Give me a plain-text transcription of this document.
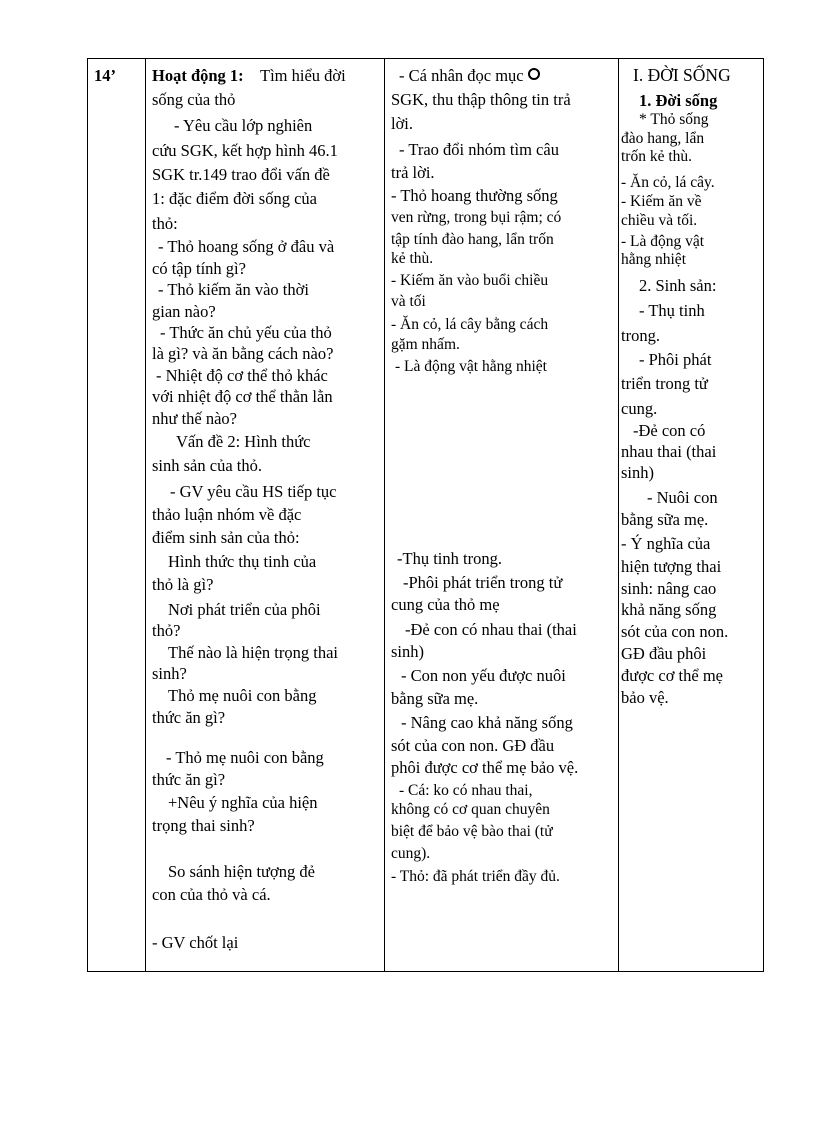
14’ Hoạt động 1: Tìm hiểu đời
sống của thỏ
- Yêu cầu lớp nghiên
cứu SGK, kết hợp hình 46.1
SGK tr.149 trao đổi vấn đề
1: đặc điểm đời sống của
thỏ:
- Thỏ hoang sống ở đâu và
có tập tính gì?
- Thỏ kiếm ăn vào thời
gian nào?
- Thức ăn chủ yếu của thỏ
là gì? và ăn bằng cách nào?
- Nhiệt độ cơ thể thỏ khác
với nhiệt độ cơ thể thằn lằn
như thế nào?
Vấn đề 2: Hình thức
sinh sản của thỏ.
- GV yêu cầu HS tiếp tục
thảo luận nhóm về đặc
điểm sinh sản của thỏ:
Hình thức thụ tinh của
thỏ là gì?
Nơi phát triển của phôi
thỏ?
Thế nào là hiện trọng thai
sinh?
Thỏ mẹ nuôi con bằng
thức ăn gì?
- Thỏ mẹ nuôi con bằng
thức ăn gì?
+Nêu ý nghĩa của hiện
trọng thai sinh?
So sánh hiện tượng đẻ
con của thỏ và cá.
- GV chốt lại
- Cá nhân đọc mục
SGK, thu thập thông tin trả
lời.
- Trao đổi nhóm tìm câu
trả lời.
- Thỏ hoang thường sống
ven rừng, trong bụi rậm; có
tập tính đào hang, lẩn trốn
kẻ thù.
- Kiếm ăn vào buổi chiều
và tối
- Ăn cỏ, lá cây bằng cách
gặm nhấm.
- Là động vật hằng nhiệt
-Thụ tinh trong.
-Phôi phát triển trong tử
cung của thỏ mẹ
-Đẻ con có nhau thai (thai
sinh)
- Con non yếu được nuôi
bằng sữa mẹ.
- Nâng cao khả năng sống
sót của con non. GĐ đầu
phôi được cơ thể mẹ bảo vệ.
- Cá: ko có nhau thai,
không có cơ quan chuyên
biệt để bảo vệ bào thai (tử
cung).
- Thỏ: đã phát triển đầy đủ.
I. ĐỜI SỐNG
1. Đời sống
* Thỏ sống
đào hang, lẩn
trốn kẻ thù.
- Ăn cỏ, lá cây.
- Kiếm ăn về
chiều và tối.
- Là động vật
hằng nhiệt
2. Sinh sản:
- Thụ tinh
trong.
- Phôi phát
triển trong tử
cung.
-Đẻ con có
nhau thai (thai
sinh)
- Nuôi con
bằng sữa mẹ.
- Ý nghĩa của
hiện tượng thai
sinh: nâng cao
khả năng sống
sót của con non.
GĐ đầu phôi
được cơ thể mẹ
bảo vệ.
